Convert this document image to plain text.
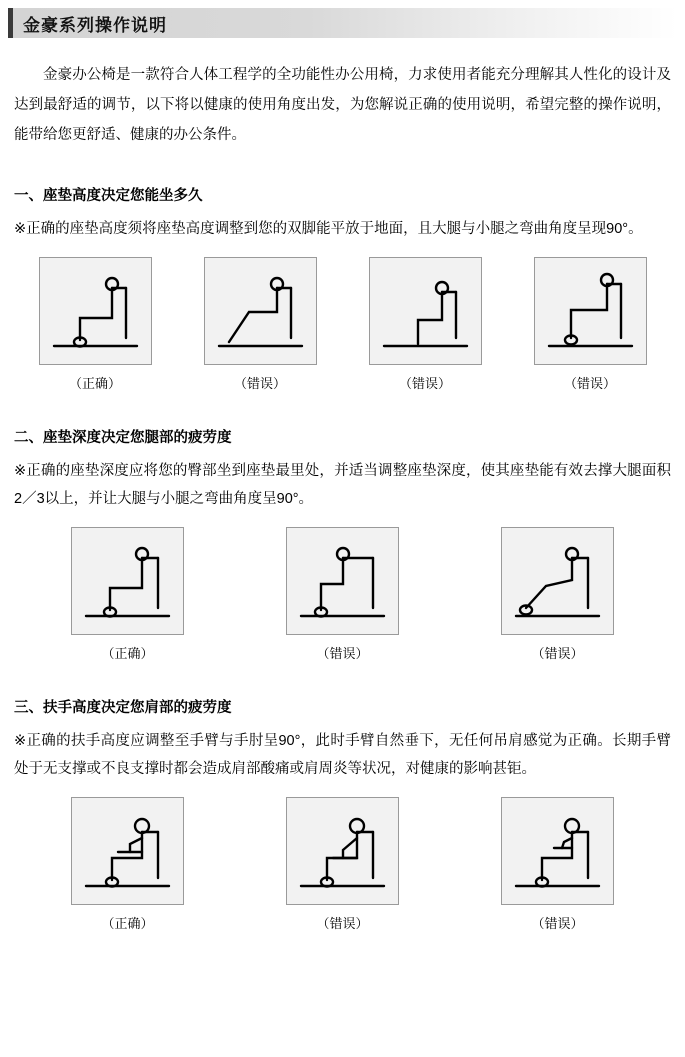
金豪系列操作说明

金豪办公椅是一款符合人体工程学的全功能性办公用椅，力求使用者能充分理解其人性化的设计及达到最舒适的调节，以下将以健康的使用角度出发，为您解说正确的使用说明，希望完整的操作说明，能带给您更舒适、健康的办公条件。

一、座垫高度决定您能坐多久
※正确的座垫高度须将座垫高度调整到您的双脚能平放于地面，且大腿与小腿之弯曲角度呈现90°。
（正确）	（错误）	（错误）	（错误）
二、座垫深度决定您腿部的疲劳度
※正确的座垫深度应将您的臀部坐到座垫最里处，并适当调整座垫深度，使其座垫能有效去撑大腿面积2／3以上，并让大腿与小腿之弯曲角度呈90°。
（正确）	（错误）	（错误）
三、扶手高度决定您肩部的疲劳度
※正确的扶手高度应调整至手臂与手肘呈90°，此时手臂自然垂下，无任何吊肩感觉为正确。长期手臂处于无支撑或不良支撑时都会造成肩部酸痛或肩周炎等状况，对健康的影响甚钜。
（正确）	（错误）	（错误）
